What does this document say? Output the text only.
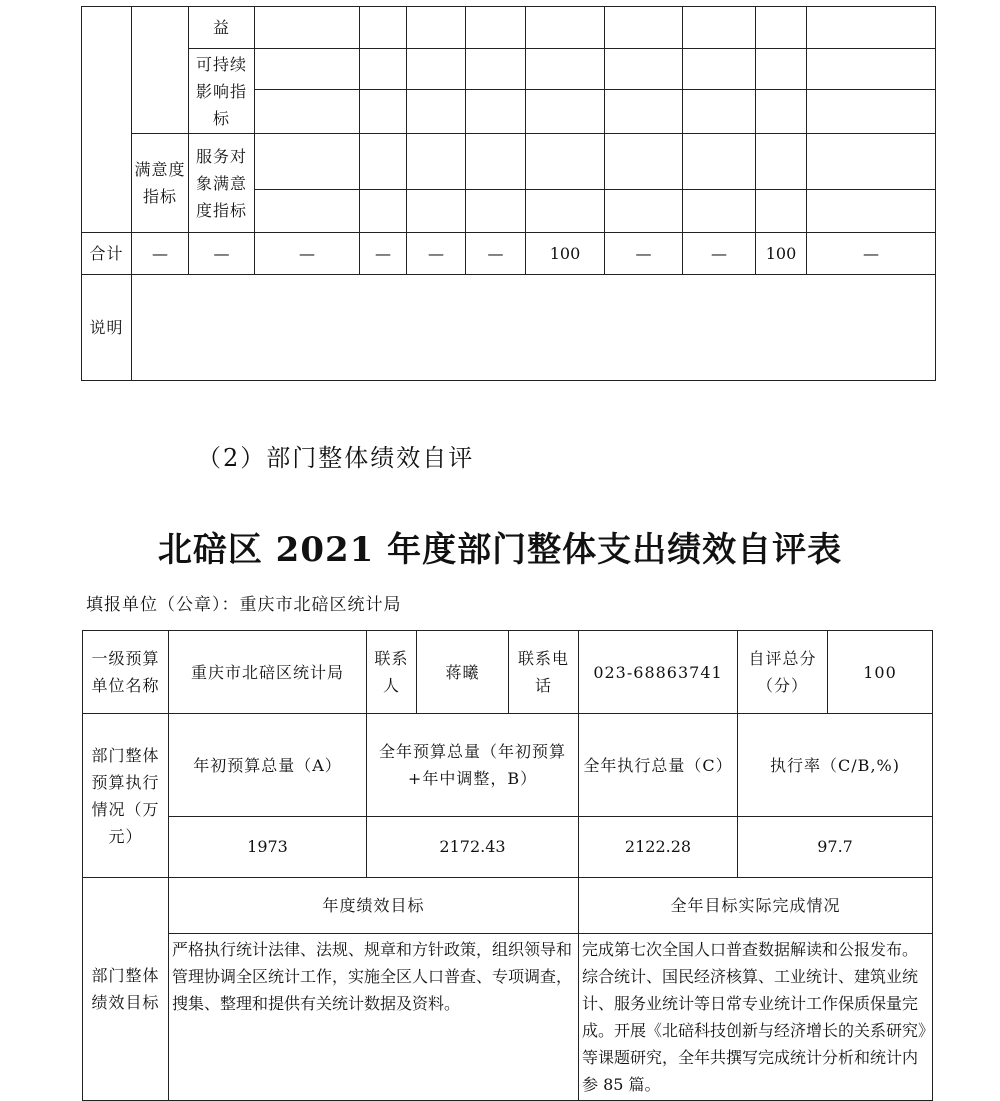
		益									
		可持续影响指标									

	满意度指标	服务对象满意度指标									

合计	—	—	—	—	—	—	100	—	—	100	—
说明											
（2）部门整体绩效自评
北碚区 2021 年度部门整体支出绩效自评表
填报单位（公章）：重庆市北碚区统计局
一级预算 单位名称	重庆市北碚区统计局	联系人	蒋曦	联系电话	023-68863741	自评总分（分）	100
部门整体预算执行情况（万元）	年初预算总量（A）	全年预算总量（年初预算+年中调整，B）			全年执行总量（C）	执行率（C/B,%)	
	1973	2172.43			2122.28	97.7	
部门整体绩效目标	年度绩效目标				全年目标实际完成情况		
	严格执行统计法律、法规、规章和方针政策，组织领导和管理协调全区统计工作，实施全区人口普查、专项调查，搜集、整理和提供有关统计数据及资料。				完成第七次全国人口普查数据解读和公报发布。综合统计、国民经济核算、工业统计、建筑业统计、服务业统计等日常专业统计工作保质保量完成。开展《北碚科技创新与经济增长的关系研究》等课题研究，全年共撰写完成统计分析和统计内参 85 篇。		
